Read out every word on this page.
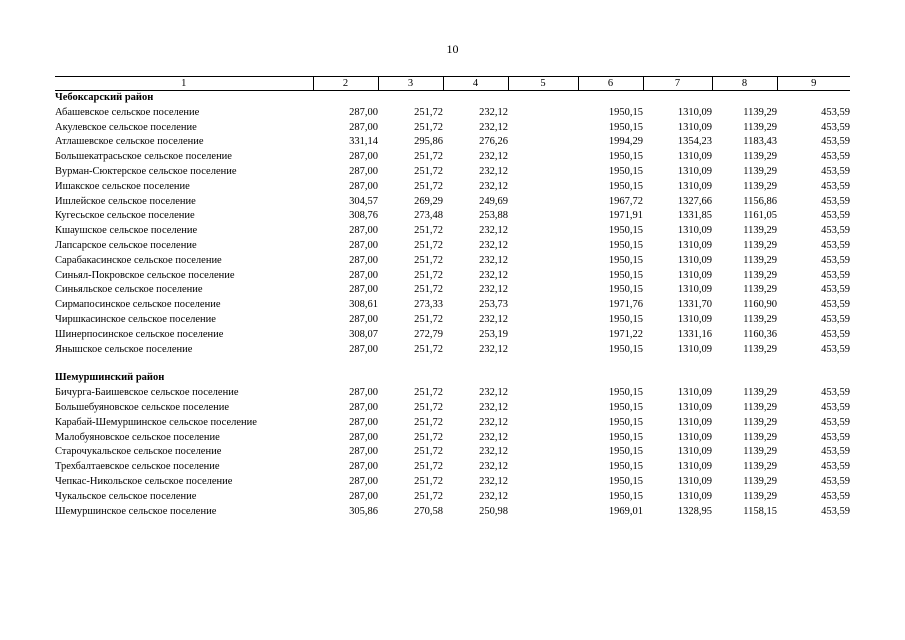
10
1	2	3	4	5	6	7	8	9
Чебоксарский район								
Абашевское сельское поселение	287,00	251,72	232,12		1950,15	1310,09	1139,29	453,59
Акулевское сельское поселение	287,00	251,72	232,12		1950,15	1310,09	1139,29	453,59
Атлашевское сельское поселение	331,14	295,86	276,26		1994,29	1354,23	1183,43	453,59
Большекатрасьское сельское поселение	287,00	251,72	232,12		1950,15	1310,09	1139,29	453,59
Вурман-Сюктерское сельское поселение	287,00	251,72	232,12		1950,15	1310,09	1139,29	453,59
Ишакское сельское поселение	287,00	251,72	232,12		1950,15	1310,09	1139,29	453,59
Ишлейское сельское поселение	304,57	269,29	249,69		1967,72	1327,66	1156,86	453,59
Кугесьское сельское поселение	308,76	273,48	253,88		1971,91	1331,85	1161,05	453,59
Кшаушское сельское поселение	287,00	251,72	232,12		1950,15	1310,09	1139,29	453,59
Лапсарское сельское поселение	287,00	251,72	232,12		1950,15	1310,09	1139,29	453,59
Сарабакасинское сельское поселение	287,00	251,72	232,12		1950,15	1310,09	1139,29	453,59
Синьял-Покровское сельское поселение	287,00	251,72	232,12		1950,15	1310,09	1139,29	453,59
Синьяльское сельское поселение	287,00	251,72	232,12		1950,15	1310,09	1139,29	453,59
Сирмапосинское сельское поселение	308,61	273,33	253,73		1971,76	1331,70	1160,90	453,59
Чиршкасинское сельское поселение	287,00	251,72	232,12		1950,15	1310,09	1139,29	453,59
Шинерпосинское сельское поселение	308,07	272,79	253,19		1971,22	1331,16	1160,36	453,59
Янышское сельское поселение	287,00	251,72	232,12		1950,15	1310,09	1139,29	453,59

Шемуршинский район								
Бичурга-Баишевское сельское поселение	287,00	251,72	232,12		1950,15	1310,09	1139,29	453,59
Большебуяновское сельское поселение	287,00	251,72	232,12		1950,15	1310,09	1139,29	453,59
Карабай-Шемуршинское сельское поселение	287,00	251,72	232,12		1950,15	1310,09	1139,29	453,59
Малобуяновское сельское поселение	287,00	251,72	232,12		1950,15	1310,09	1139,29	453,59
Старочукальское сельское поселение	287,00	251,72	232,12		1950,15	1310,09	1139,29	453,59
Трехбалтаевское сельское поселение	287,00	251,72	232,12		1950,15	1310,09	1139,29	453,59
Чепкас-Никольское сельское поселение	287,00	251,72	232,12		1950,15	1310,09	1139,29	453,59
Чукальское сельское поселение	287,00	251,72	232,12		1950,15	1310,09	1139,29	453,59
Шемуршинское сельское поселение	305,86	270,58	250,98		1969,01	1328,95	1158,15	453,59
